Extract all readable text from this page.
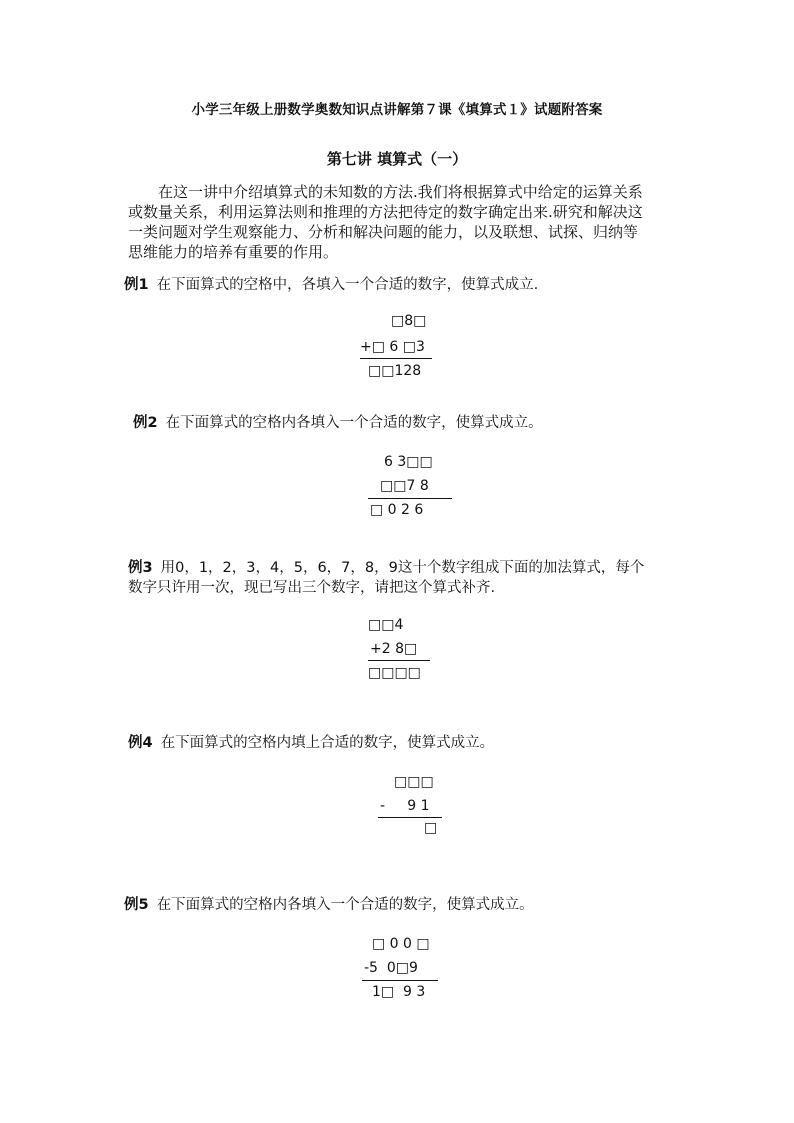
小学三年级上册数学奥数知识点讲解第７课《填算式１》试题附答案
第七讲 填算式（一）

在这一讲中介绍填算式的未知数的方法.我们将根据算式中给定的运算关系

或数量关系，利用运算法则和推理的方法把待定的数字确定出来.研究和解决这

一类问题对学生观察能力、分析和解决问题的能力，以及联想、试探、归纳等

思维能力的培养有重要的作用。

例1 在下面算式的空格中，各填入一个合适的数字，使算式成立.
□8□
+□ 6 □3
□□128
例2 在下面算式的空格内各填入一个合适的数字，使算式成立。
6 3□□
□□7 8
□ 0 2 6
例3 用0，1，2，3，4，5，6，7，8，9这十个数字组成下面的加法算式，每个
数字只许用一次，现已写出三个数字，请把这个算式补齐.
□□4
+2 8□
□□□□
例4 在下面算式的空格内填上合适的数字，使算式成立。
□□□
-     9 1
□
例5 在下面算式的空格内各填入一个合适的数字，使算式成立。
□ 0 0 □
-5  0□9
1□  9 3
